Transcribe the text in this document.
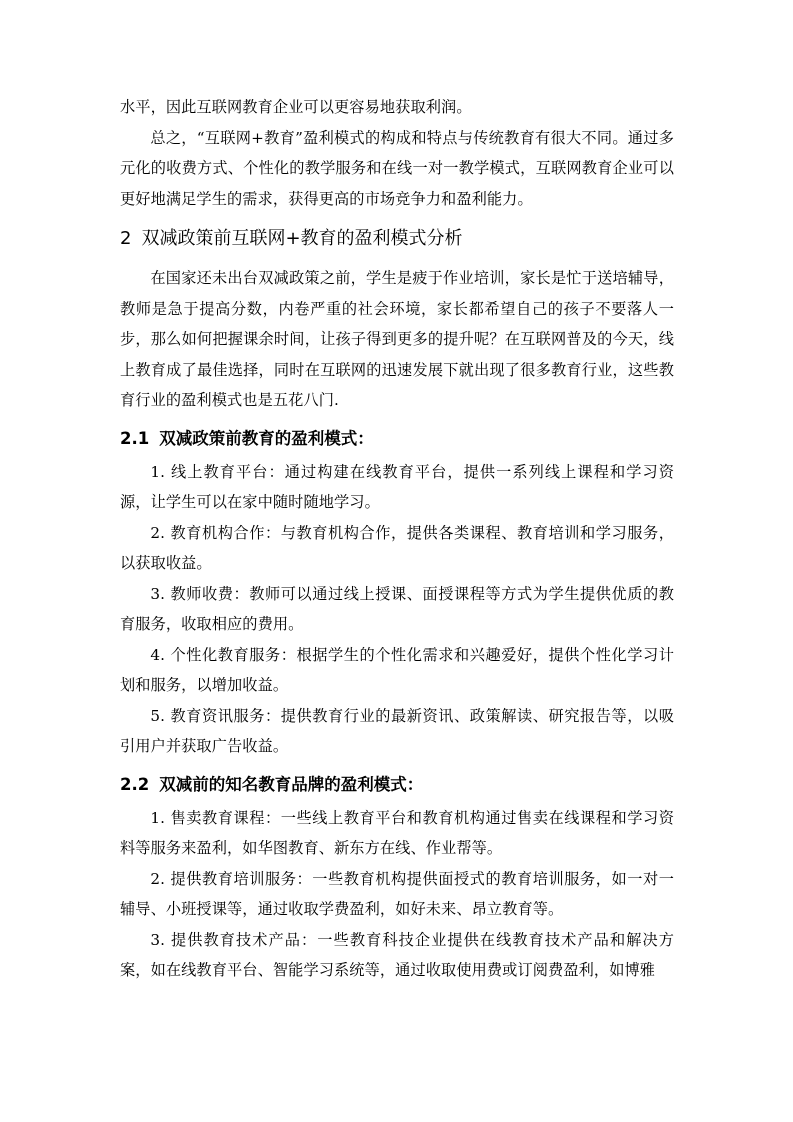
水平，因此互联网教育企业可以更容易地获取利润。

总之，“互联网+教育”盈利模式的构成和特点与传统教育有很大不同。通过多元化的收费方式、个性化的教学服务和在线一对一教学模式，互联网教育企业可以更好地满足学生的需求，获得更高的市场竞争力和盈利能力。

2 双减政策前互联网+教育的盈利模式分析

在国家还未出台双减政策之前，学生是疲于作业培训，家长是忙于送培辅导，教师是急于提高分数，内卷严重的社会环境，家长都希望自己的孩子不要落人一步，那么如何把握课余时间，让孩子得到更多的提升呢？在互联网普及的今天，线上教育成了最佳选择，同时在互联网的迅速发展下就出现了很多教育行业，这些教育行业的盈利模式也是五花八门.

2.1 双减政策前教育的盈利模式：

1. 线上教育平台：通过构建在线教育平台，提供一系列线上课程和学习资源，让学生可以在家中随时随地学习。

2. 教育机构合作：与教育机构合作，提供各类课程、教育培训和学习服务，以获取收益。

3. 教师收费：教师可以通过线上授课、面授课程等方式为学生提供优质的教育服务，收取相应的费用。

4. 个性化教育服务：根据学生的个性化需求和兴趣爱好，提供个性化学习计划和服务，以增加收益。

5. 教育资讯服务：提供教育行业的最新资讯、政策解读、研究报告等，以吸引用户并获取广告收益。

2.2 双减前的知名教育品牌的盈利模式：

1. 售卖教育课程：一些线上教育平台和教育机构通过售卖在线课程和学习资料等服务来盈利，如华图教育、新东方在线、作业帮等。

2. 提供教育培训服务：一些教育机构提供面授式的教育培训服务，如一对一辅导、小班授课等，通过收取学费盈利，如好未来、昂立教育等。

3. 提供教育技术产品：一些教育科技企业提供在线教育技术产品和解决方案，如在线教育平台、智能学习系统等，通过收取使用费或订阅费盈利，如博雅
